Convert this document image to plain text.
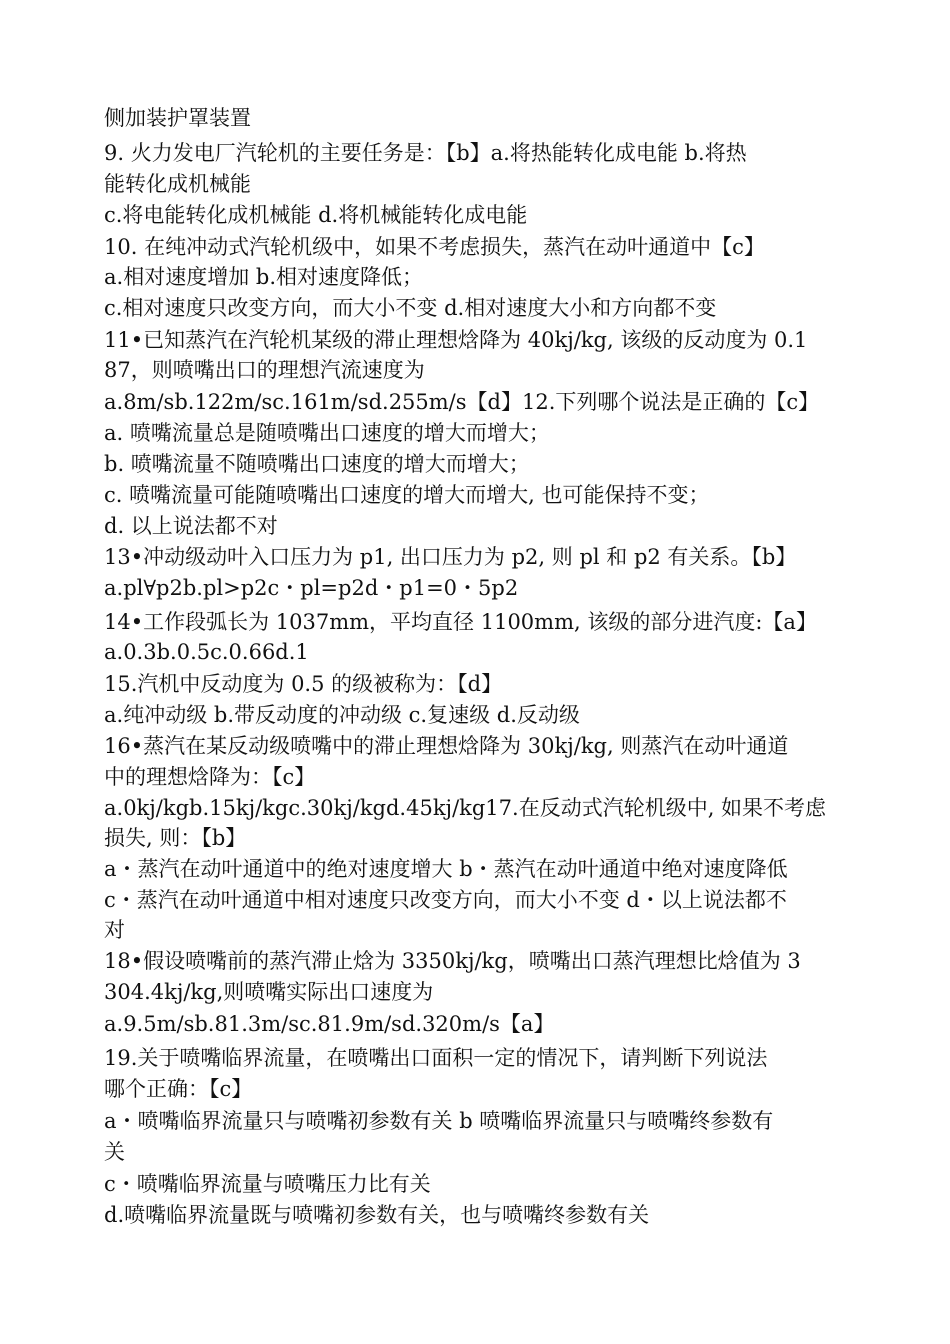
侧加装护罩装置
9. 火力发电厂汽轮机的主要任务是：【b】a.将热能转化成电能 b.将热
能转化成机械能
c.将电能转化成机械能 d.将机械能转化成电能
10. 在纯冲动式汽轮机级中，如果不考虑损失，蒸汽在动叶通道中【c】
a.相对速度增加 b.相对速度降低；
c.相对速度只改变方向，而大小不变 d.相对速度大小和方向都不变
11•已知蒸汽在汽轮机某级的滞止理想焓降为 40kj/kg, 该级的反动度为 0.1
87，则喷嘴出口的理想汽流速度为
a.8m/sb.122m/sc.161m/sd.255m/s【d】12.下列哪个说法是正确的【c】
a. 喷嘴流量总是随喷嘴出口速度的增大而增大；
b. 喷嘴流量不随喷嘴出口速度的增大而增大；
c. 喷嘴流量可能随喷嘴出口速度的增大而增大, 也可能保持不变；
d. 以上说法都不对
13•冲动级动叶入口压力为 p1, 出口压力为 p2, 则 pl 和 p2 有关系。【b】
a.pl∀p2b.pl>p2c・pl=p2d・p1=0・5p2
14•工作段弧长为 1037mm，平均直径 1100mm, 该级的部分进汽度:【a】
a.0.3b.0.5c.0.66d.1
15.汽机中反动度为 0.5 的级被称为：【d】
a.纯冲动级 b.带反动度的冲动级 c.复速级 d.反动级
16•蒸汽在某反动级喷嘴中的滞止理想焓降为 30kj/kg, 则蒸汽在动叶通道
中的理想焓降为：【c】
a.0kj/kgb.15kj/kgc.30kj/kgd.45kj/kg17.在反动式汽轮机级中, 如果不考虑
损失, 则：【b】
a・蒸汽在动叶通道中的绝对速度增大 b・蒸汽在动叶通道中绝对速度降低
c・蒸汽在动叶通道中相对速度只改变方向，而大小不变 d・以上说法都不
对
18•假设喷嘴前的蒸汽滞止焓为 3350kj/kg，喷嘴出口蒸汽理想比焓值为 3
304.4kj/kg,则喷嘴实际出口速度为
a.9.5m/sb.81.3m/sc.81.9m/sd.320m/s【a】
19.关于喷嘴临界流量，在喷嘴出口面积一定的情况下，请判断下列说法
哪个正确：【c】
a・喷嘴临界流量只与喷嘴初参数有关 b 喷嘴临界流量只与喷嘴终参数有
关
c・喷嘴临界流量与喷嘴压力比有关
d.喷嘴临界流量既与喷嘴初参数有关，也与喷嘴终参数有关
